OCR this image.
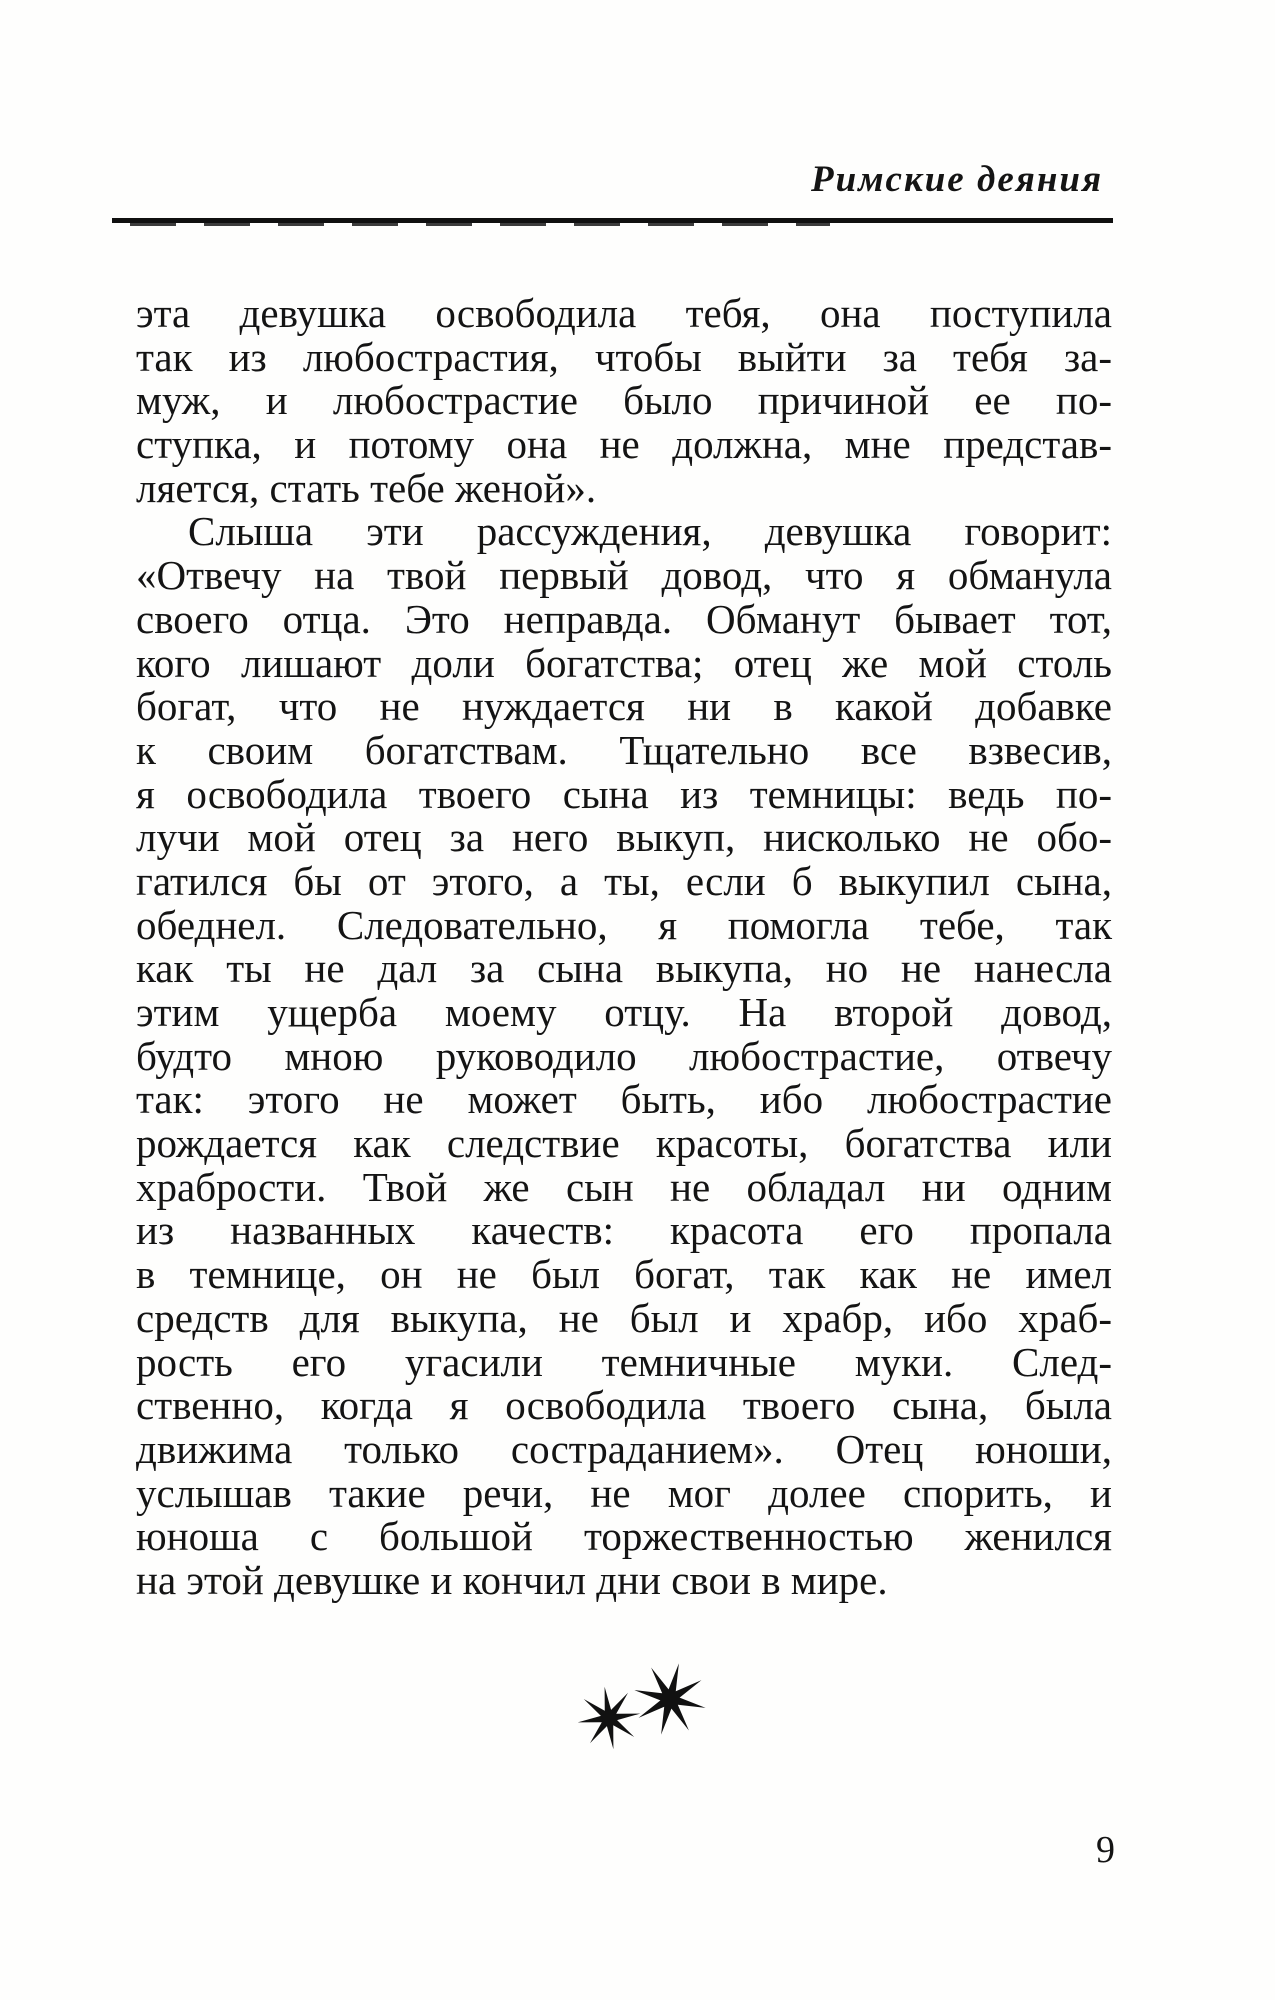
Римские деяния
эта девушка освободила тебя, она поступила
так из любострастия, чтобы выйти за тебя за-
муж, и любострастие было причиной ее по-
ступка, и потому она не должна, мне представ-
ляется, стать тебе женой».
Слыша эти рассуждения, девушка говорит:
«Отвечу на твой первый довод, что я обманула
своего отца. Это неправда. Обманут бывает тот,
кого лишают доли богатства; отец же мой столь
богат, что не нуждается ни в какой добавке
к своим богатствам. Тщательно все взвесив,
я освободила твоего сына из темницы: ведь по-
лучи мой отец за него выкуп, нисколько не обо-
гатился бы от этого, а ты, если б выкупил сына,
обеднел. Следовательно, я помогла тебе, так
как ты не дал за сына выкупа, но не нанесла
этим ущерба моему отцу. На второй довод,
будто мною руководило любострастие, отвечу
так: этого не может быть, ибо любострастие
рождается как следствие красоты, богатства или
храбрости. Твой же сын не обладал ни одним
из названных качеств: красота его пропала
в темнице, он не был богат, так как не имел
средств для выкупа, не был и храбр, ибо храб-
рость его угасили темничные муки. След-
ственно, когда я освободила твоего сына, была
движима только состраданием». Отец юноши,
услышав такие речи, не мог долее спорить, и
юноша с большой торжественностью женился
на этой девушке и кончил дни свои в мире.
9
